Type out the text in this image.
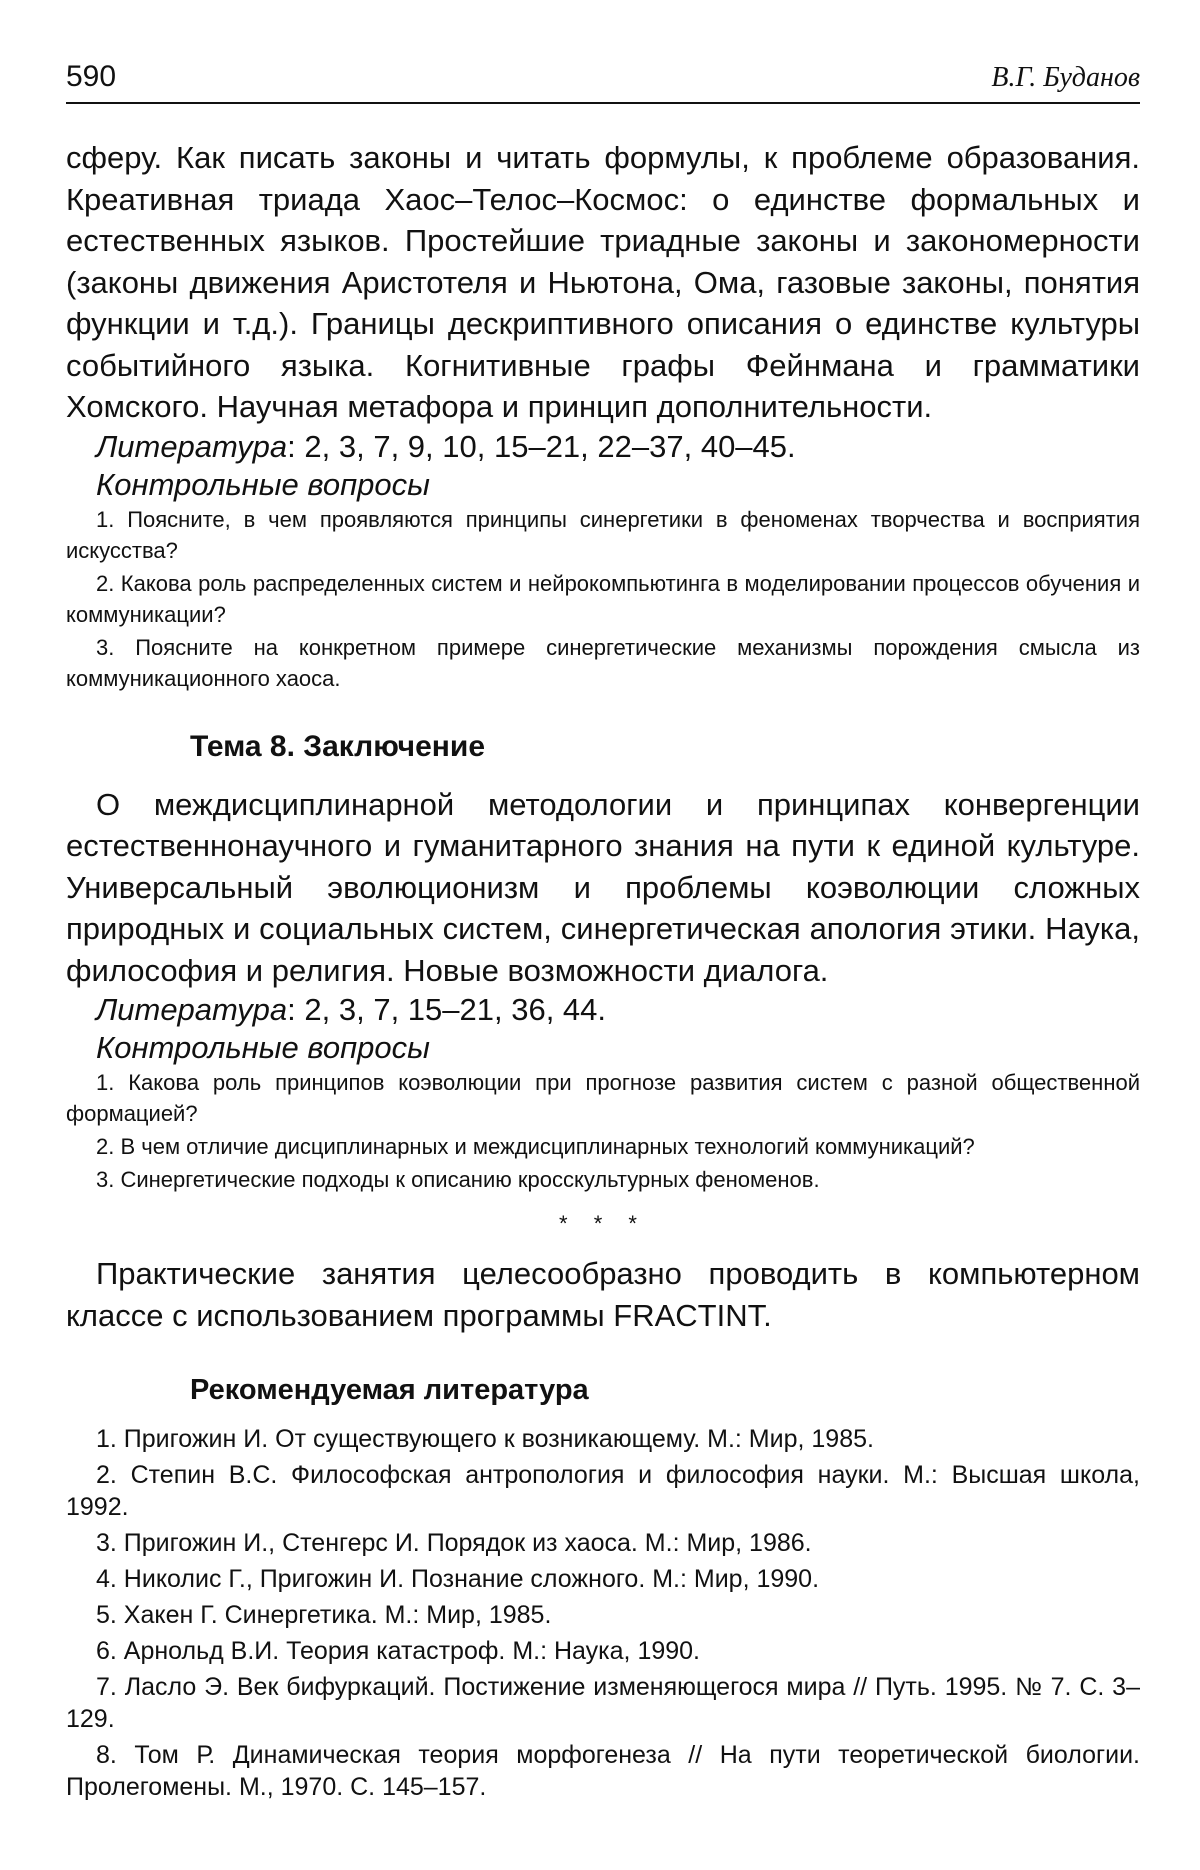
590	В.Г. Буданов

сферу. Как писать законы и читать формулы, к проблеме образования. Креативная триада Хаос–Телос–Космос: о единстве формальных и естественных языков. Простейшие триадные законы и закономерности (законы движения Аристотеля и Ньютона, Ома, газовые законы, понятия функции и т.д.). Границы дескриптивного описания о единстве культуры событийного языка. Когнитивные графы Фейнмана и грамматики Хомского. Научная метафора и принцип дополнительности.

Литература: 2, 3, 7, 9, 10, 15–21, 22–37, 40–45.

Контрольные вопросы

1. Поясните, в чем проявляются принципы синергетики в феноменах творчества и восприятия искусства?
2. Какова роль распределенных систем и нейрокомпьютинга в моделировании процессов обучения и коммуникации?
3. Поясните на конкретном примере синергетические механизмы порождения смысла из коммуникационного хаоса.
Тема 8. Заключение

О междисциплинарной методологии и принципах конвергенции естественнонаучного и гуманитарного знания на пути к единой культуре. Универсальный эволюционизм и проблемы коэволюции сложных природных и социальных систем, синергетическая апология этики. Наука, философия и религия. Новые возможности диалога.

Литература: 2, 3, 7, 15–21, 36, 44.

Контрольные вопросы

1. Какова роль принципов коэволюции при прогнозе развития систем с разной общественной формацией?
2. В чем отличие дисциплинарных и междисциплинарных технологий коммуникаций?
3. Синергетические подходы к описанию кросскультурных феноменов.
* * *

Практические занятия целесообразно проводить в компьютерном классе с использованием программы FRACTINT.

Рекомендуемая литература
1. Пригожин И. От существующего к возникающему. М.: Мир, 1985.
2. Степин В.С. Философская антропология и философия науки. М.: Высшая школа, 1992.
3. Пригожин И., Стенгерс И. Порядок из хаоса. М.: Мир, 1986.
4. Николис Г., Пригожин И. Познание сложного. М.: Мир, 1990.
5. Хакен Г. Синергетика. М.: Мир, 1985.
6. Арнольд В.И. Теория катастроф. М.: Наука, 1990.
7. Ласло Э. Век бифуркаций. Постижение изменяющегося мира // Путь. 1995. № 7. С. 3–129.
8. Том Р. Динамическая теория морфогенеза // На пути теоретической биологии. Пролегомены. М., 1970. С. 145–157.
